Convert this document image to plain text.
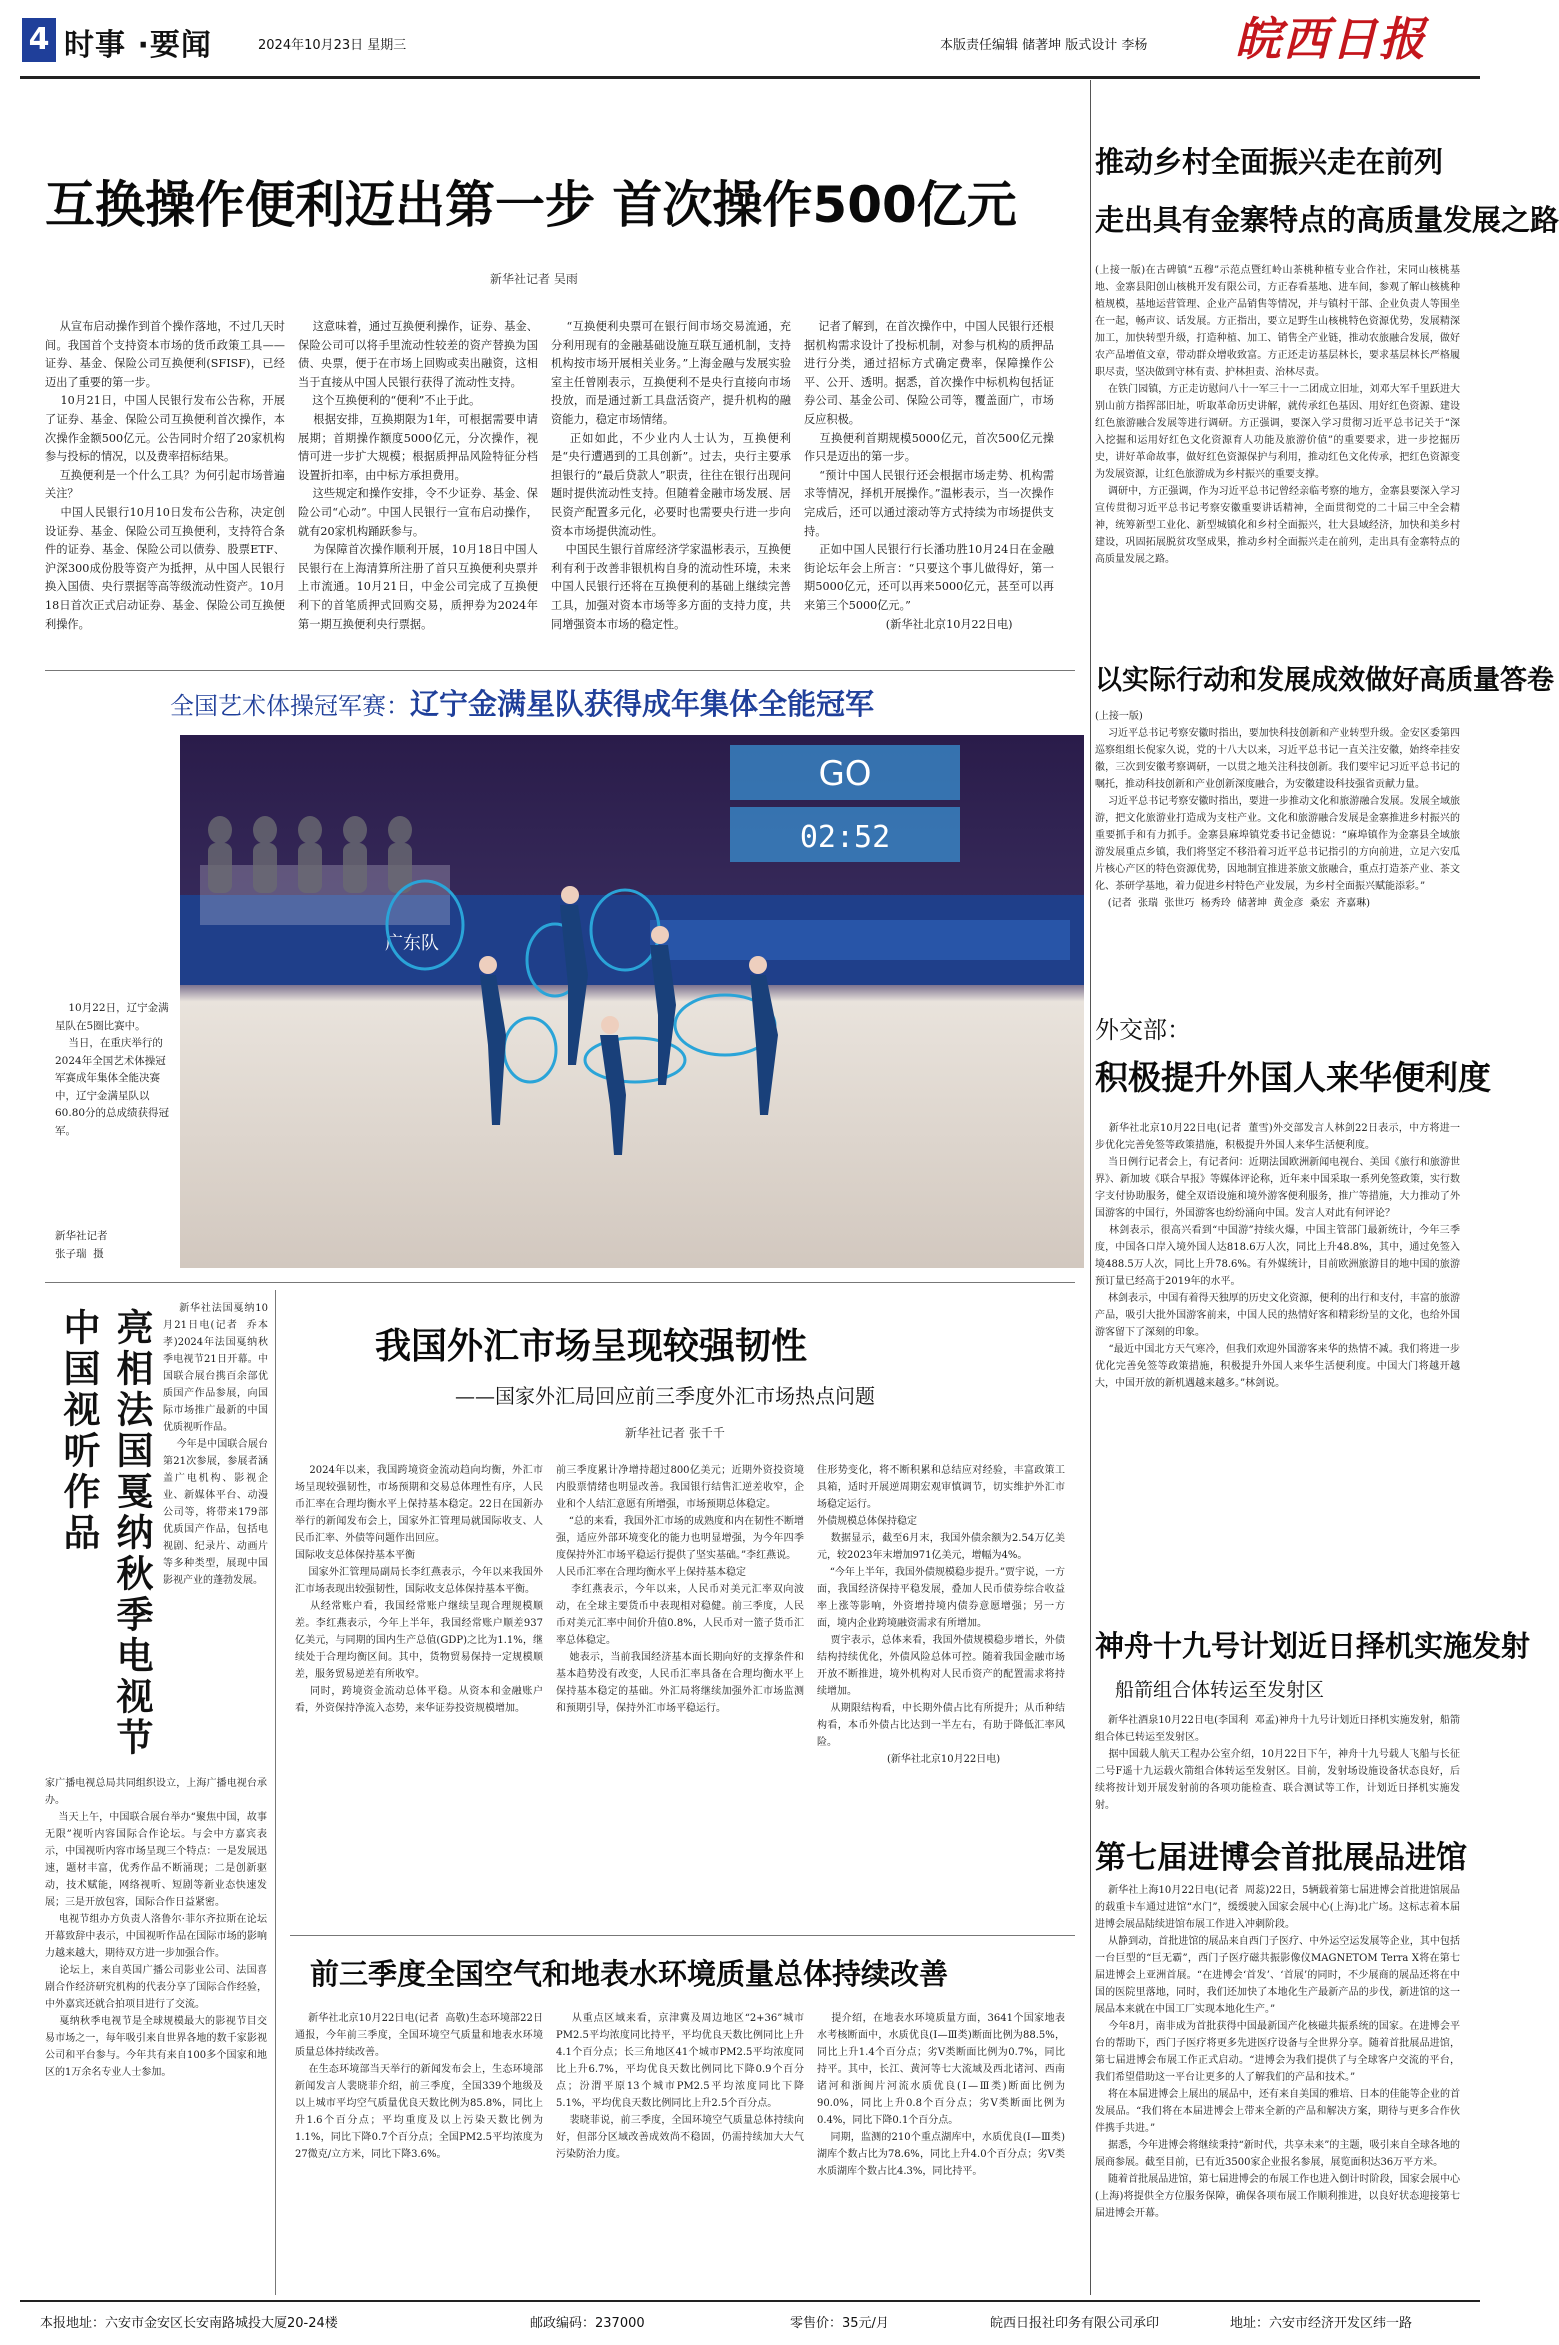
4 时事 ·要闻	2024年10月23日 星期三	本版责任编辑 储著坤 版式设计 李杨 皖西日报
互换操作便利迈出第一步 首次操作500亿元
新华社记者 吴雨
从宣布启动操作到首个操作落地，不过几天时间。我国首个支持资本市场的货币政策工具——证券、基金、保险公司互换便利(SFISF)，已经迈出了重要的第一步。
10月21日，中国人民银行发布公告称，开展了证券、基金、保险公司互换便利首次操作，本次操作金额500亿元。公告同时介绍了20家机构参与投标的情况，以及费率招标结果。
互换便利是一个什么工具？为何引起市场普遍关注？
中国人民银行10月10日发布公告称，决定创设证券、基金、保险公司互换便利，支持符合条件的证券、基金、保险公司以债券、股票ETF、沪深300成份股等资产为抵押，从中国人民银行换入国债、央行票据等高等级流动性资产。10月18日首次正式启动证券、基金、保险公司互换便利操作。
这意味着，通过互换便利操作，证券、基金、保险公司可以将手里流动性较差的资产替换为国债、央票，便于在市场上回购或卖出融资，这相当于直接从中国人民银行获得了流动性支持。
这个互换便利的“便利”不止于此。
根据安排，互换期限为1年，可根据需要申请展期；首期操作额度5000亿元，分次操作，视情可进一步扩大规模；根据质押品风险特征分档设置折扣率，由中标方承担费用。
这些规定和操作安排，令不少证券、基金、保险公司“心动”。中国人民银行一宣布启动操作，就有20家机构踊跃参与。
为保障首次操作顺利开展，10月18日中国人民银行在上海清算所注册了首只互换便利央票并上市流通。10月21日，中金公司完成了互换便利下的首笔质押式回购交易，质押券为2024年第一期互换便利央行票据。
“互换便利央票可在银行间市场交易流通，充分利用现有的金融基础设施互联互通机制，支持机构按市场开展相关业务。”上海金融与发展实验室主任曾刚表示，互换便利不是央行直接向市场投放，而是通过新工具盘活资产，提升机构的融资能力，稳定市场情绪。
正如如此，不少业内人士认为，互换便利是“央行遭遇到的工具创新”。过去，央行主要承担银行的“最后贷款人”职责，往往在银行出现问题时提供流动性支持。但随着金融市场发展、居民资产配置多元化，必要时也需要央行进一步向资本市场提供流动性。
中国民生银行首席经济学家温彬表示，互换便利有利于改善非银机构自身的流动性环境，未来中国人民银行还将在互换便利的基础上继续完善工具，加强对资本市场等多方面的支持力度，共同增强资本市场的稳定性。
记者了解到，在首次操作中，中国人民银行还根据机构需求设计了投标机制，对参与机构的质押品进行分类，通过招标方式确定费率，保障操作公平、公开、透明。据悉，首次操作中标机构包括证券公司、基金公司、保险公司等，覆盖面广，市场反应积极。
互换便利首期规模5000亿元，首次500亿元操作只是迈出的第一步。
“预计中国人民银行还会根据市场走势、机构需求等情况，择机开展操作。”温彬表示，当一次操作完成后，还可以通过滚动等方式持续为市场提供支持。
正如中国人民银行行长潘功胜10月24日在金融街论坛年会上所言：“只要这个事儿做得好，第一期5000亿元，还可以再来5000亿元，甚至可以再来第三个5000亿元。”
(新华社北京10月22日电)
推动乡村全面振兴走在前列
走出具有金寨特点的高质量发展之路
(上接一版)在古碑镇“五穆”示范点暨红岭山茶桃种植专业合作社，宋同山核桃基地、金寨县阳创山核桃开发有限公司，方正春看基地、进车间，参观了解山核桃种植规模，基地运营管理、企业产品销售等情况，并与镇村干部、企业负责人等围坐在一起，畅声议、话发展。方正指出，要立足野生山核桃特色资源优势，发展精深加工，加快转型升级，打造种植、加工、销售全产业链，推动农旅融合发展，做好农产品增值文章，带动群众增收致富。方正还走访基层林长，要求基层林长严格履职尽责，坚决做到守林有责、护林担责、治林尽责。
在铁门园镇，方正走访慰问八十一军三十一二团成立旧址，刘邓大军千里跃进大别山前方指挥部旧址，听取革命历史讲解，就传承红色基因、用好红色资源、建设红色旅游融合发展等进行调研。方正强调，要深入学习贯彻习近平总书记关于“深入挖掘和运用好红色文化资源育人功能及旅游价值”的重要要求，进一步挖掘历史，讲好革命故事，做好红色资源保护与利用，推动红色文化传承，把红色资源变为发展资源，让红色旅游成为乡村振兴的重要支撑。
调研中，方正强调，作为习近平总书记曾经亲临考察的地方，金寨县要深入学习宣传贯彻习近平总书记考察安徽重要讲话精神，全面贯彻党的二十届三中全会精神，统筹新型工业化、新型城镇化和乡村全面振兴，壮大县域经济，加快和美乡村建设，巩固拓展脱贫攻坚成果，推动乡村全面振兴走在前列，走出具有金寨特点的高质量发展之路。
以实际行动和发展成效做好高质量答卷
(上接一版)
习近平总书记考察安徽时指出，要加快科技创新和产业转型升级。金安区委第四巡察组组长倪家久说，党的十八大以来，习近平总书记一直关注安徽，始终牵挂安徽，三次到安徽考察调研，一以贯之地关注科技创新。我们要牢记习近平总书记的嘱托，推动科技创新和产业创新深度融合，为安徽建设科技强省贡献力量。
习近平总书记考察安徽时指出，要进一步推动文化和旅游融合发展。发展全域旅游，把文化旅游业打造成为支柱产业。文化和旅游融合发展是金寨推进乡村振兴的重要抓手和有力抓手。金寨县麻埠镇党委书记金德说：“麻埠镇作为金寨县全域旅游发展重点乡镇，我们将坚定不移沿着习近平总书记指引的方向前进，立足六安瓜片核心产区的特色资源优势，因地制宜推进茶旅文旅融合，重点打造茶产业、茶文化、茶研学基地，着力促进乡村特色产业发展，为乡村全面振兴赋能添彩。”
(记者  张瑞  张世巧  杨秀玲  储著坤  黄金彦  桑宏  齐嘉琳)
外交部：
积极提升外国人来华便利度
新华社北京10月22日电(记者  董雪)外交部发言人林剑22日表示，中方将进一步优化完善免签等政策措施，积极提升外国人来华生活便利度。
当日例行记者会上，有记者问：近期法国欧洲新闻电视台、美国《旅行和旅游世界》、新加坡《联合早报》等媒体评论称，近年来中国采取一系列免签政策，实行数字支付协助服务，健全双语设施和境外游客便利服务，推广等措施，大力推动了外国游客的中国行，外国游客也纷纷涌向中国。发言人对此有何评论？
林剑表示，很高兴看到“中国游”持续火爆，中国主管部门最新统计，今年三季度，中国各口岸入境外国人达818.6万人次，同比上升48.8%，其中，通过免签入境488.5万人次，同比上升78.6%。有外媒统计，目前欧洲旅游目的地中国的旅游预订量已经高于2019年的水平。
林剑表示，中国有着得天独厚的历史文化资源，便利的出行和支付，丰富的旅游产品，吸引大批外国游客前来，中国人民的热情好客和精彩纷呈的文化，也给外国游客留下了深刻的印象。
“最近中国北方天气寒冷，但我们欢迎外国游客来华的热情不减。我们将进一步优化完善免签等政策措施，积极提升外国人来华生活便利度。中国大门将越开越大，中国开放的新机遇越来越多。”林剑说。
神舟十九号计划近日择机实施发射
船箭组合体转运至发射区
新华社酒泉10月22日电(李国利  邓孟)神舟十九号计划近日择机实施发射，船箭组合体已转运至发射区。
据中国载人航天工程办公室介绍，10月22日下午，神舟十九号载人飞船与长征二号F遥十九运载火箭组合体转运至发射区。目前，发射场设施设备状态良好，后续将按计划开展发射前的各项功能检查、联合测试等工作，计划近日择机实施发射。
第七届进博会首批展品进馆
新华社上海10月22日电(记者  周蕊)22日，5辆载着第七届进博会首批进馆展品的载重卡车通过进馆“水门”，缓缓驶入国家会展中心(上海)北广场。这标志着本届进博会展品陆续进馆布展工作进入冲刺阶段。
从静到动，首批进馆的展品来自西门子医疗、中外运空运发展等企业，其中包括一台巨型的“巨无霸”，西门子医疗磁共振影像仪MAGNETOM Terra X将在第七届进博会上亚洲首展。“在进博会‘首发’、‘首展’的同时，不少展商的展品还将在中国的医院里落地，同时，我们还加快了本地化生产最新产品的步伐，新进馆的这一展品本来就在中国工厂实现本地化生产。”
今年8月，南非成为首批获得中国最新国产化核磁共振系统的国家。在进博会平台的帮助下，西门子医疗将更多先进医疗设备与全世界分享。随着首批展品进馆，第七届进博会布展工作正式启动。“进博会为我们提供了与全球客户交流的平台，我们希望借助这一平台让更多的人了解我们的产品和技术。”
将在本届进博会上展出的展品中，还有来自美国的雅培、日本的佳能等企业的首发展品。“我们将在本届进博会上带来全新的产品和解决方案，期待与更多合作伙伴携手共进。”
据悉，今年进博会将继续秉持“新时代，共享未来”的主题，吸引来自全球各地的展商参展。截至目前，已有近3500家企业报名参展，展览面积达36万平方米。
随着首批展品进馆，第七届进博会的布展工作也进入倒计时阶段，国家会展中心(上海)将提供全方位服务保障，确保各项布展工作顺利推进，以良好状态迎接第七届进博会开幕。
全国艺术体操冠军赛：辽宁金满星队获得成年集体全能冠军
GO
02:52
广东队
10月22日，辽宁金满星队在5圈比赛中。
当日，在重庆举行的2024年全国艺术体操冠军赛成年集体全能决赛中，辽宁金满星队以60.80分的总成绩获得冠军。
新华社记者
张子瑞  摄
中国视听作品 亮相法国戛纳秋季电视节	新华社法国戛纳10月21日电(记者  乔本孝)2024年法国戛纳秋季电视节21日开幕。中国联合展台携百余部优质国产作品参展，向国际市场推广最新的中国优质视听作品。
今年是中国联合展台第21次参展，参展者涵盖广电机构、影视企业、新媒体平台、动漫公司等，将带来179部优质国产作品，包括电视剧、纪录片、动画片等多种类型，展现中国影视产业的蓬勃发展。
家广播电视总局共同组织设立，上海广播电视台承办。
当天上午，中国联合展台举办“聚焦中国，故事无限”视听内容国际合作论坛。与会中方嘉宾表示，中国视听内容市场呈现三个特点：一是发展迅速，题材丰富，优秀作品不断涌现；二是创新驱动，技术赋能，网络视听、短剧等新业态快速发展；三是开放包容，国际合作日益紧密。
电视节组办方负责人洛鲁尔·菲尔齐拉斯在论坛开幕致辞中表示，中国视听作品在国际市场的影响力越来越大，期待双方进一步加强合作。
论坛上，来自英国广播公司影业公司、法国喜剧合作经济研究机构的代表分享了国际合作经验，中外嘉宾还就合拍项目进行了交流。
戛纳秋季电视节是全球规模最大的影视节目交易市场之一，每年吸引来自世界各地的数千家影视公司和平台参与。今年共有来自100多个国家和地区的1万余名专业人士参加。
我国外汇市场呈现较强韧性
——国家外汇局回应前三季度外汇市场热点问题
新华社记者 张千千
2024年以来，我国跨境资金流动趋向均衡，外汇市场呈现较强韧性，市场预期和交易总体理性有序，人民币汇率在合理均衡水平上保持基本稳定。22日在国新办举行的新闻发布会上，国家外汇管理局就国际收支、人民币汇率、外债等问题作出回应。
国际收支总体保持基本平衡
国家外汇管理局副局长李红燕表示，今年以来我国外汇市场表现出较强韧性，国际收支总体保持基本平衡。
从经常账户看，我国经常账户继续呈现合理规模顺差。李红燕表示，今年上半年，我国经常账户顺差937亿美元，与同期的国内生产总值(GDP)之比为1.1%，继续处于合理均衡区间。其中，货物贸易保持一定规模顺差，服务贸易逆差有所收窄。
同时，跨境资金流动总体平稳。从资本和金融账户看，外资保持净流入态势，来华证券投资规模增加。
前三季度累计净增持超过800亿美元；近期外资投资境内股票情绪也明显改善。我国银行结售汇逆差收窄，企业和个人结汇意愿有所增强，市场预期总体稳定。
“总的来看，我国外汇市场的成熟度和内在韧性不断增强，适应外部环境变化的能力也明显增强，为今年四季度保持外汇市场平稳运行提供了坚实基础。”李红燕说。
人民币汇率在合理均衡水平上保持基本稳定
李红燕表示，今年以来，人民币对美元汇率双向波动，在全球主要货币中表现相对稳健。前三季度，人民币对美元汇率中间价升值0.8%，人民币对一篮子货币汇率总体稳定。
她表示，当前我国经济基本面长期向好的支撑条件和基本趋势没有改变，人民币汇率具备在合理均衡水平上保持基本稳定的基础。外汇局将继续加强外汇市场监测和预期引导，保持外汇市场平稳运行。
住形势变化，将不断积累和总结应对经验，丰富政策工具箱，适时开展逆周期宏观审慎调节，切实维护外汇市场稳定运行。
外债规模总体保持稳定
数据显示，截至6月末，我国外债余额为2.54万亿美元，较2023年末增加971亿美元，增幅为4%。
“今年上半年，我国外债规模稳步提升。”贾宇说，一方面，我国经济保持平稳发展，叠加人民币债券综合收益率上涨等影响，外资增持境内债券意愿增强；另一方面，境内企业跨境融资需求有所增加。
贾宇表示，总体来看，我国外债规模稳步增长，外债结构持续优化，外债风险总体可控。随着我国金融市场开放不断推进，境外机构对人民币资产的配置需求将持续增加。
从期限结构看，中长期外债占比有所提升；从币种结构看，本币外债占比达到一半左右，有助于降低汇率风险。
(新华社北京10月22日电)
前三季度全国空气和地表水环境质量总体持续改善
新华社北京10月22日电(记者  高敬)生态环境部22日通报，今年前三季度，全国环境空气质量和地表水环境质量总体持续改善。
在生态环境部当天举行的新闻发布会上，生态环境部新闻发言人裴晓菲介绍，前三季度，全国339个地级及以上城市平均空气质量优良天数比例为85.8%，同比上升1.6个百分点；平均重度及以上污染天数比例为1.1%，同比下降0.7个百分点；全国PM2.5平均浓度为27微克/立方米，同比下降3.6%。
从重点区域来看，京津冀及周边地区“2+36”城市PM2.5平均浓度同比持平，平均优良天数比例同比上升4.1个百分点；长三角地区41个城市PM2.5平均浓度同比上升6.7%，平均优良天数比例同比下降0.9个百分点；汾渭平原13个城市PM2.5平均浓度同比下降5.1%，平均优良天数比例同比上升2.5个百分点。
裴晓菲说，前三季度，全国环境空气质量总体持续向好，但部分区域改善成效尚不稳固，仍需持续加大大气污染防治力度。
提介绍，在地表水环境质量方面，3641个国家地表水考核断面中，水质优良(Ⅰ—Ⅲ类)断面比例为88.5%，同比上升1.4个百分点；劣Ⅴ类断面比例为0.7%，同比持平。其中，长江、黄河等七大流域及西北诸河、西南诸河和浙闽片河流水质优良(Ⅰ—Ⅲ类)断面比例为90.0%，同比上升0.8个百分点；劣Ⅴ类断面比例为0.4%，同比下降0.1个百分点。
同期，监测的210个重点湖库中，水质优良(Ⅰ—Ⅲ类)湖库个数占比为78.6%，同比上升4.0个百分点；劣Ⅴ类水质湖库个数占比4.3%，同比持平。
本报地址：六安市金安区长安南路城投大厦20-24楼	邮政编码：237000	零售价：35元/月	皖西日报社印务有限公司承印	地址：六安市经济开发区纬一路
